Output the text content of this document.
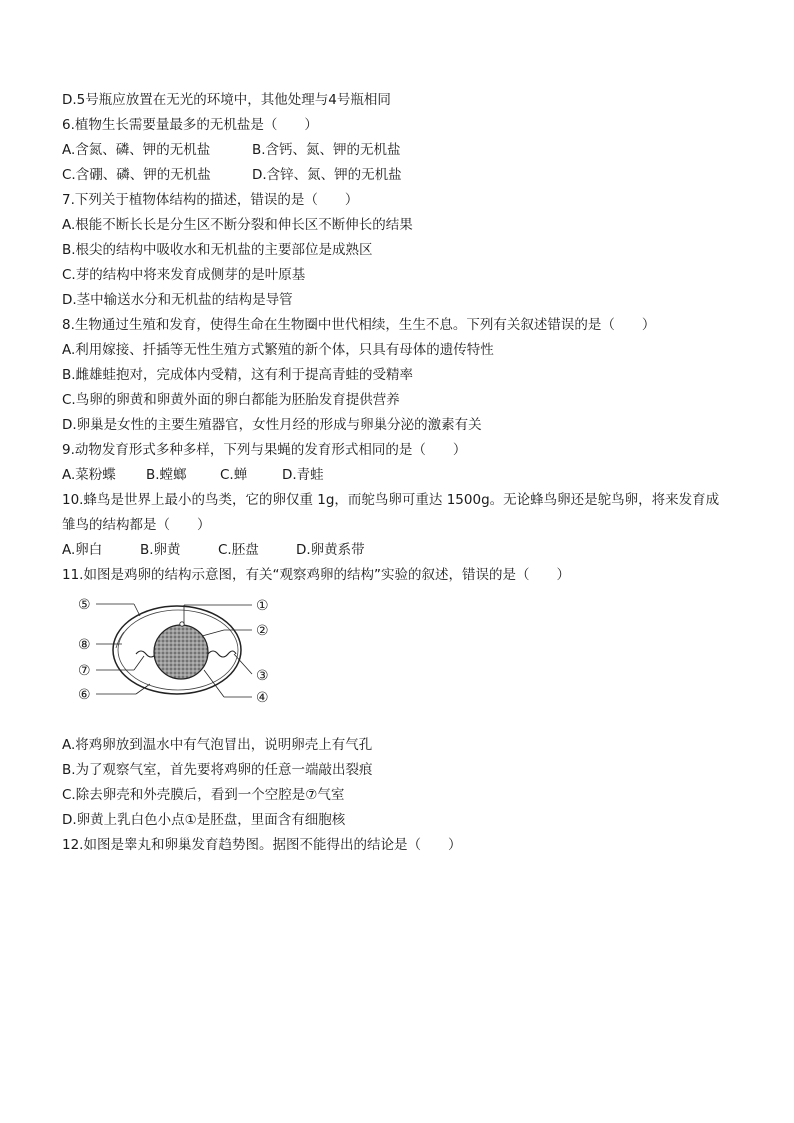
D.5号瓶应放置在无光的环境中，其他处理与4号瓶相同
6.植物生长需要量最多的无机盐是（　　）
A.含氮、磷、钾的无机盐	B.含钙、氮、钾的无机盐
C.含硼、磷、钾的无机盐	D.含锌、氮、钾的无机盐
7.下列关于植物体结构的描述，错误的是（　　）
A.根能不断长长是分生区不断分裂和伸长区不断伸长的结果
B.根尖的结构中吸收水和无机盐的主要部位是成熟区
C.芽的结构中将来发育成侧芽的是叶原基
D.茎中输送水分和无机盐的结构是导管
8.生物通过生殖和发育，使得生命在生物圈中世代相续，生生不息。下列有关叙述错误的是（　　）
A.利用嫁接、扦插等无性生殖方式繁殖的新个体，只具有母体的遗传特性
B.雌雄蛙抱对，完成体内受精，这有利于提高青蛙的受精率
C.鸟卵的卵黄和卵黄外面的卵白都能为胚胎发育提供营养
D.卵巢是女性的主要生殖器官，女性月经的形成与卵巢分泌的激素有关
9.动物发育形式多种多样，下列与果蝇的发育形式相同的是（　　）
A.菜粉蝶 B.螳螂 C.蝉	D.青蛙
10.蜂鸟是世界上最小的鸟类，它的卵仅重 1g，而鸵鸟卵可重达 1500g。无论蜂鸟卵还是鸵鸟卵，将来发育成
雏鸟的结构都是（　　）
A.卵白	B.卵黄	C.胚盘	D.卵黄系带
11.如图是鸡卵的结构示意图，有关“观察鸡卵的结构”实验的叙述，错误的是（　　）
①
②
③
④
⑤
⑧
⑦
⑥
A.将鸡卵放到温水中有气泡冒出，说明卵壳上有气孔
B.为了观察气室，首先要将鸡卵的任意一端敲出裂痕
C.除去卵壳和外壳膜后，看到一个空腔是⑦气室
D.卵黄上乳白色小点①是胚盘，里面含有细胞核
12.如图是睾丸和卵巢发育趋势图。据图不能得出的结论是（　　）
